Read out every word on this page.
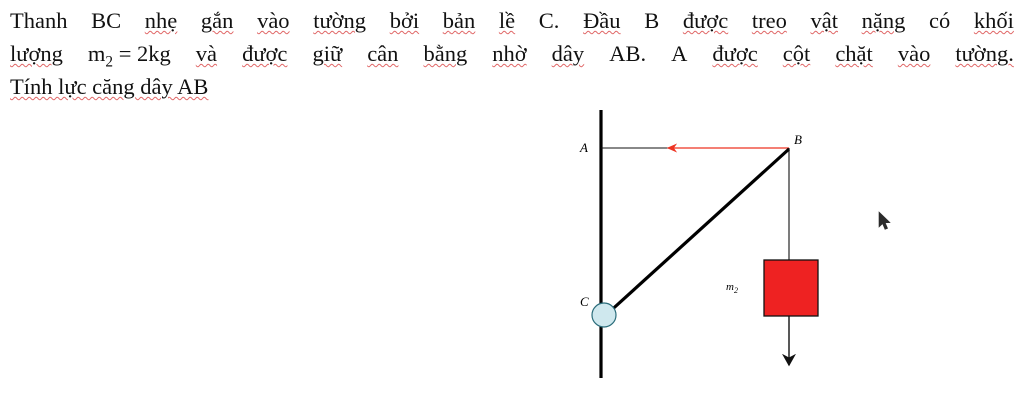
Thanh BC nhẹ gắn vào tường bởi bản lề C. Đầu B được treo vật nặng có khối
lượng $m_2 = 2kg$ và được giữ cân bằng nhờ dây AB. A được cột chặt vào tường.
Tính lực căng dây AB
A
B
C
$m_2$
